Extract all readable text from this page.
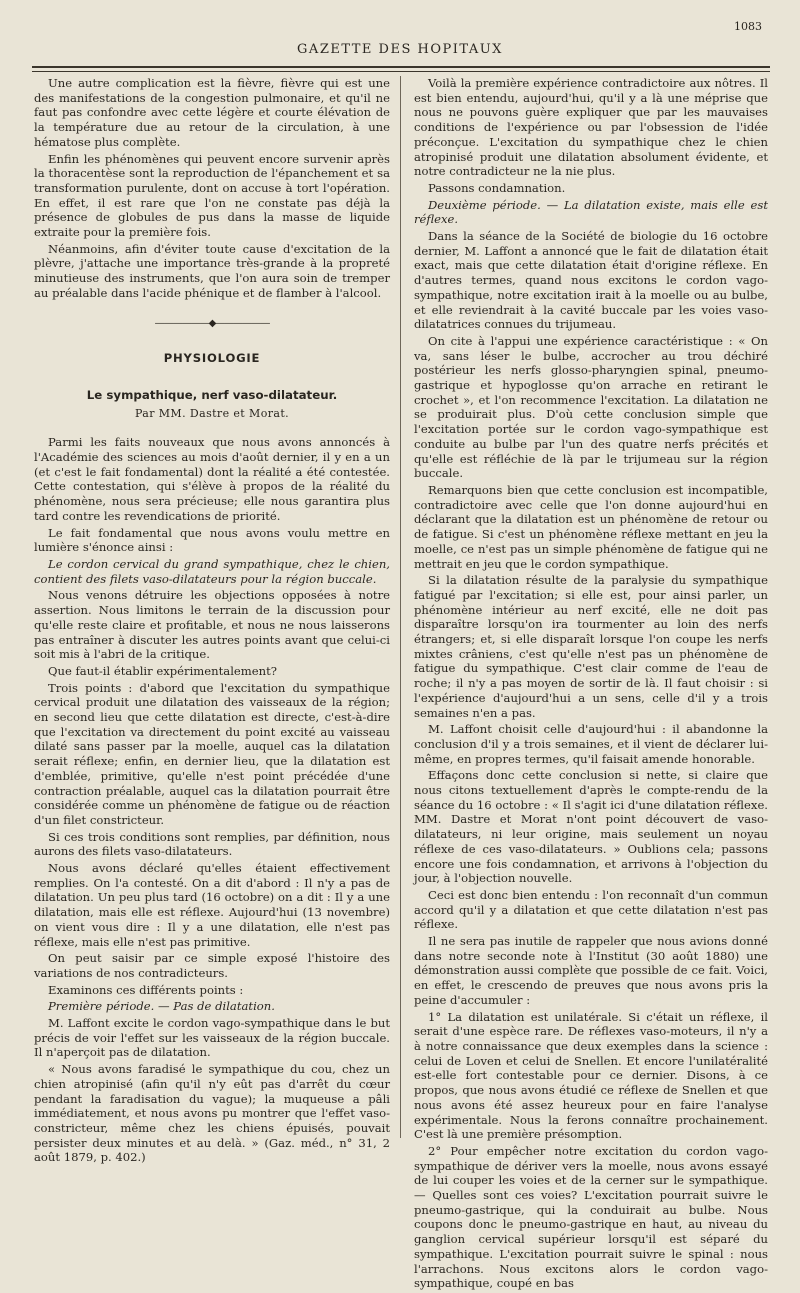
GAZETTE DES HOPITAUX
1083

Une autre complication est la fièvre, fièvre qui est une des manifestations de la congestion pulmonaire, et qu'il ne faut pas confondre avec cette légère et courte élévation de la température due au retour de la circulation, à une hématose plus complète.

Enfin les phénomènes qui peuvent encore survenir après la thoracentèse sont la reproduction de l'épanchement et sa transformation purulente, dont on accuse à tort l'opération. En effet, il est rare que l'on ne constate pas déjà la présence de globules de pus dans la masse de liquide extraite pour la première fois.

Néanmoins, afin d'éviter toute cause d'excitation de la plèvre, j'attache une importance très-grande à la propreté minutieuse des instruments, que l'on aura soin de tremper au préalable dans l'acide phénique et de flamber à l'alcool.

——————◆——————
PHYSIOLOGIE
Le sympathique, nerf vaso-dilatateur.
Par MM. Dastre et Morat.

Parmi les faits nouveaux que nous avons annoncés à l'Académie des sciences au mois d'août dernier, il y en a un (et c'est le fait fondamental) dont la réalité a été contestée. Cette contestation, qui s'élève à propos de la réalité du phénomène, nous sera précieuse; elle nous garantira plus tard contre les revendications de priorité.

Le fait fondamental que nous avons voulu mettre en lumière s'énonce ainsi :

Le cordon cervical du grand sympathique, chez le chien, contient des filets vaso-dilatateurs pour la région buccale.

Nous venons détruire les objections opposées à notre assertion. Nous limitons le terrain de la discussion pour qu'elle reste claire et profitable, et nous ne nous laisserons pas entraîner à discuter les autres points avant que celui-ci soit mis à l'abri de la critique.

Que faut-il établir expérimentalement?

Trois points : d'abord que l'excitation du sympathique cervical produit une dilatation des vaisseaux de la région; en second lieu que cette dilatation est directe, c'est-à-dire que l'excitation va directement du point excité au vaisseau dilaté sans passer par la moelle, auquel cas la dilatation serait réflexe; enfin, en dernier lieu, que la dilatation est d'emblée, primitive, qu'elle n'est point précédée d'une contraction préalable, auquel cas la dilatation pourrait être considérée comme un phénomène de fatigue ou de réaction d'un filet constricteur.

Si ces trois conditions sont remplies, par définition, nous aurons des filets vaso-dilatateurs.

Nous avons déclaré qu'elles étaient effectivement remplies. On l'a contesté. On a dit d'abord : Il n'y a pas de dilatation. Un peu plus tard (16 octobre) on a dit : Il y a une dilatation, mais elle est réflexe. Aujourd'hui (13 novembre) on vient vous dire : Il y a une dilatation, elle n'est pas réflexe, mais elle n'est pas primitive.

On peut saisir par ce simple exposé l'histoire des variations de nos contradicteurs.

Examinons ces différents points :

Première période. — Pas de dilatation.

M. Laffont excite le cordon vago-sympathique dans le but précis de voir l'effet sur les vaisseaux de la région buccale. Il n'aperçoit pas de dilatation.

« Nous avons faradisé le sympathique du cou, chez un chien atropinisé (afin qu'il n'y eût pas d'arrêt du cœur pendant la faradisation du vague); la muqueuse a pâli immédiatement, et nous avons pu montrer que l'effet vaso-constricteur, même chez les chiens épuisés, pouvait persister deux minutes et au delà. » (Gaz. méd., n° 31, 2 août 1879, p. 402.)

Voilà la première expérience contradictoire aux nôtres. Il est bien entendu, aujourd'hui, qu'il y a là une méprise que nous ne pouvons guère expliquer que par les mauvaises conditions de l'expérience ou par l'obsession de l'idée préconçue. L'excitation du sympathique chez le chien atropinisé produit une dilatation absolument évidente, et notre contradicteur ne la nie plus.

Passons condamnation.

Deuxième période. — La dilatation existe, mais elle est réflexe.

Dans la séance de la Société de biologie du 16 octobre dernier, M. Laffont a annoncé que le fait de dilatation était exact, mais que cette dilatation était d'origine réflexe. En d'autres termes, quand nous excitons le cordon vago-sympathique, notre excitation irait à la moelle ou au bulbe, et elle reviendrait à la cavité buccale par les voies vaso-dilatatrices connues du trijumeau.

On cite à l'appui une expérience caractéristique : « On va, sans léser le bulbe, accrocher au trou déchiré postérieur les nerfs glosso-pharyngien spinal, pneumo-gastrique et hypoglosse qu'on arrache en retirant le crochet », et l'on recommence l'excitation. La dilatation ne se produirait plus. D'où cette conclusion simple que l'excitation portée sur le cordon vago-sympathique est conduite au bulbe par l'un des quatre nerfs précités et qu'elle est réfléchie de là par le trijumeau sur la région buccale.

Remarquons bien que cette conclusion est incompatible, contradictoire avec celle que l'on donne aujourd'hui en déclarant que la dilatation est un phénomène de retour ou de fatigue. Si c'est un phénomène réflexe mettant en jeu la moelle, ce n'est pas un simple phénomène de fatigue qui ne mettrait en jeu que le cordon sympathique.

Si la dilatation résulte de la paralysie du sympathique fatigué par l'excitation; si elle est, pour ainsi parler, un phénomène intérieur au nerf excité, elle ne doit pas disparaître lorsqu'on ira tourmenter au loin des nerfs étrangers; et, si elle disparaît lorsque l'on coupe les nerfs mixtes crâniens, c'est qu'elle n'est pas un phénomène de fatigue du sympathique. C'est clair comme de l'eau de roche; il n'y a pas moyen de sortir de là. Il faut choisir : si l'expérience d'aujourd'hui a un sens, celle d'il y a trois semaines n'en a pas.

M. Laffont choisit celle d'aujourd'hui : il abandonne la conclusion d'il y a trois semaines, et il vient de déclarer lui-même, en propres termes, qu'il faisait amende honorable.

Effaçons donc cette conclusion si nette, si claire que nous citons textuellement d'après le compte-rendu de la séance du 16 octobre : « Il s'agit ici d'une dilatation réflexe. MM. Dastre et Morat n'ont point découvert de vaso-dilatateurs, ni leur origine, mais seulement un noyau réflexe de ces vaso-dilatateurs. » Oublions cela; passons encore une fois condamnation, et arrivons à l'objection du jour, à l'objection nouvelle.

Ceci est donc bien entendu : l'on reconnaît d'un commun accord qu'il y a dilatation et que cette dilatation n'est pas réflexe.

Il ne sera pas inutile de rappeler que nous avions donné dans notre seconde note à l'Institut (30 août 1880) une démonstration aussi complète que possible de ce fait. Voici, en effet, le crescendo de preuves que nous avons pris la peine d'accumuler :

1° La dilatation est unilatérale. Si c'était un réflexe, il serait d'une espèce rare. De réflexes vaso-moteurs, il n'y a à notre connaissance que deux exemples dans la science : celui de Loven et celui de Snellen. Et encore l'unilatéralité est-elle fort contestable pour ce dernier. Disons, à ce propos, que nous avons étudié ce réflexe de Snellen et que nous avons été assez heureux pour en faire l'analyse expérimentale. Nous la ferons connaître prochainement. C'est là une première présomption.

2° Pour empêcher notre excitation du cordon vago-sympathique de dériver vers la moelle, nous avons essayé de lui couper les voies et de la cerner sur le sympathique. — Quelles sont ces voies? L'excitation pourrait suivre le pneumo-gastrique, qui la conduirait au bulbe. Nous coupons donc le pneumo-gastrique en haut, au niveau du ganglion cervical supérieur lorsqu'il est séparé du sympathique. L'excitation pourrait suivre le spinal : nous l'arrachons. Nous excitons alors le cordon vago-sympathique, coupé en bas
